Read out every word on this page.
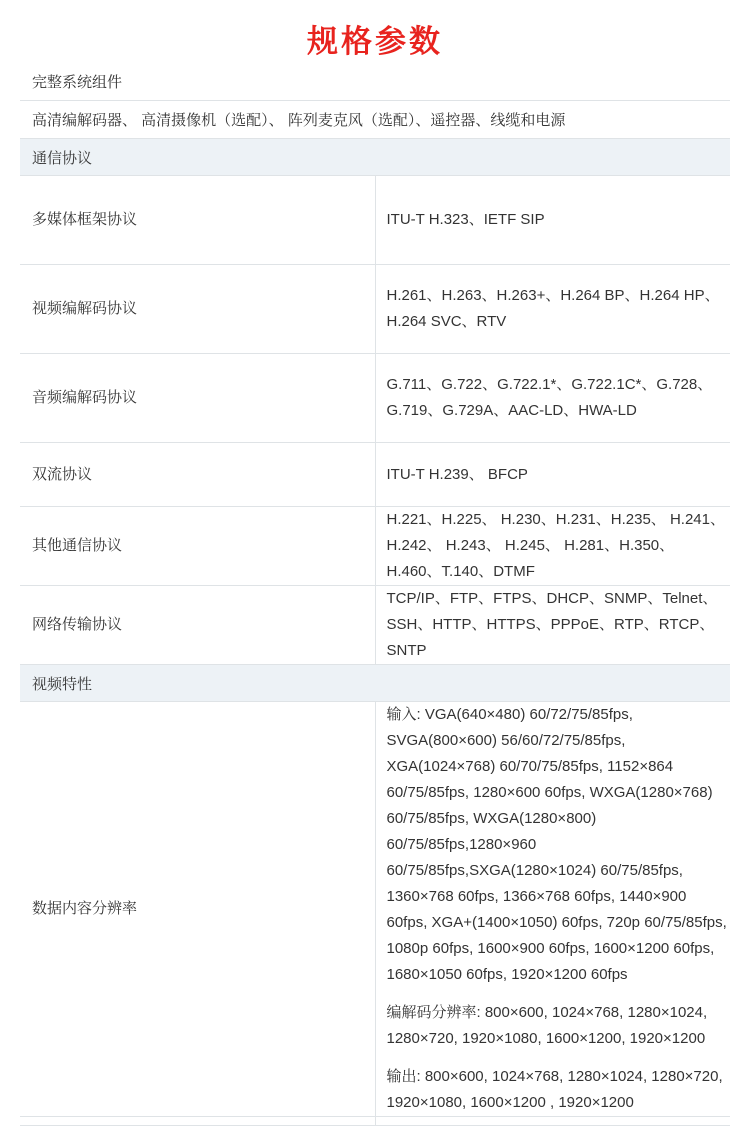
规格参数
完整系统组件	
高清编解码器、 高清摄像机（选配）、 阵列麦克风（选配）、遥控器、线缆和电源	
通信协议	
多媒体框架协议	ITU-T H.323、IETF SIP
视频编解码协议	H.261、H.263、H.263+、H.264 BP、H.264 HP、H.264 SVC、RTV
音频编解码协议	G.711、G.722、G.722.1*、G.722.1C*、G.728、G.719、G.729A、AAC-LD、HWA-LD
双流协议	ITU-T H.239、 BFCP
其他通信协议	H.221、H.225、 H.230、H.231、H.235、 H.241、 H.242、 H.243、 H.245、 H.281、H.350、 H.460、T.140、DTMF
网络传输协议	TCP/IP、FTP、FTPS、DHCP、SNMP、Telnet、SSH、HTTP、HTTPS、PPPoE、RTP、RTCP、SNTP
视频特性	
数据内容分辨率	输入: VGA(640×480) 60/72/75/85fps, SVGA(800×600) 56/60/72/75/85fps, XGA(1024×768) 60/70/75/85fps, 1152×864 60/75/85fps, 1280×600 60fps, WXGA(1280×768) 60/75/85fps, WXGA(1280×800) 60/75/85fps,1280×960 60/75/85fps,SXGA(1280×1024) 60/75/85fps, 1360×768 60fps, 1366×768 60fps, 1440×900 60fps, XGA+(1400×1050) 60fps, 720p 60/75/85fps, 1080p 60fps, 1600×900 60fps, 1600×1200 60fps, 1680×1050 60fps, 1920×1200 60fps

编解码分辨率: 800×600, 1024×768, 1280×1024, 1280×720, 1920×1080, 1600×1200, 1920×1200

输出: 800×600, 1024×768, 1280×1024, 1280×720, 1920×1080, 1600×1200 , 1920×1200
